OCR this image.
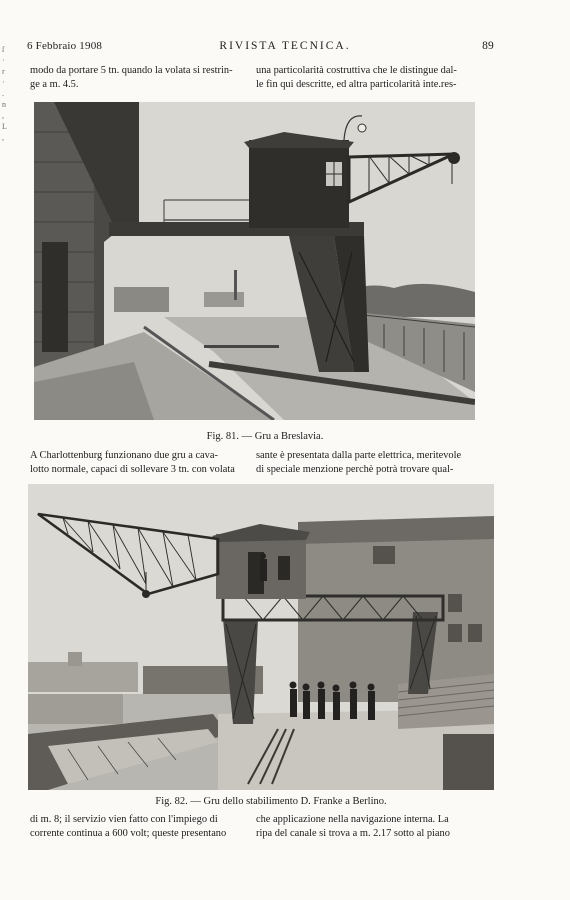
6 Febbraio 1908	RIVISTA TECNICA.	89
ſ
·
r
·
.
n
,
L
,
modo da portare 5 tn. quando la volata si restrin-
ge a m. 4.5.
una particolarità costruttiva che le distingue dal-
le fin qui descritte, ed altra particolarità inte.res-
Fig. 81. — Gru a Breslavia.
A Charlottenburg funzionano due gru a cava-
lotto normale, capaci di sollevare 3 tn. con volata
sante è presentata dalla parte elettrica, meritevole
di speciale menzione perchè potrà trovare qual-
Fig. 82. — Gru dello stabilimento D. Franke a Berlino.
di m. 8; il servizio vien fatto con l'impiego di
corrente continua a 600 volt; queste presentano
che applicazione nella navigazione interna. La
ripa del canale si trova a m. 2.17 sotto al piano
